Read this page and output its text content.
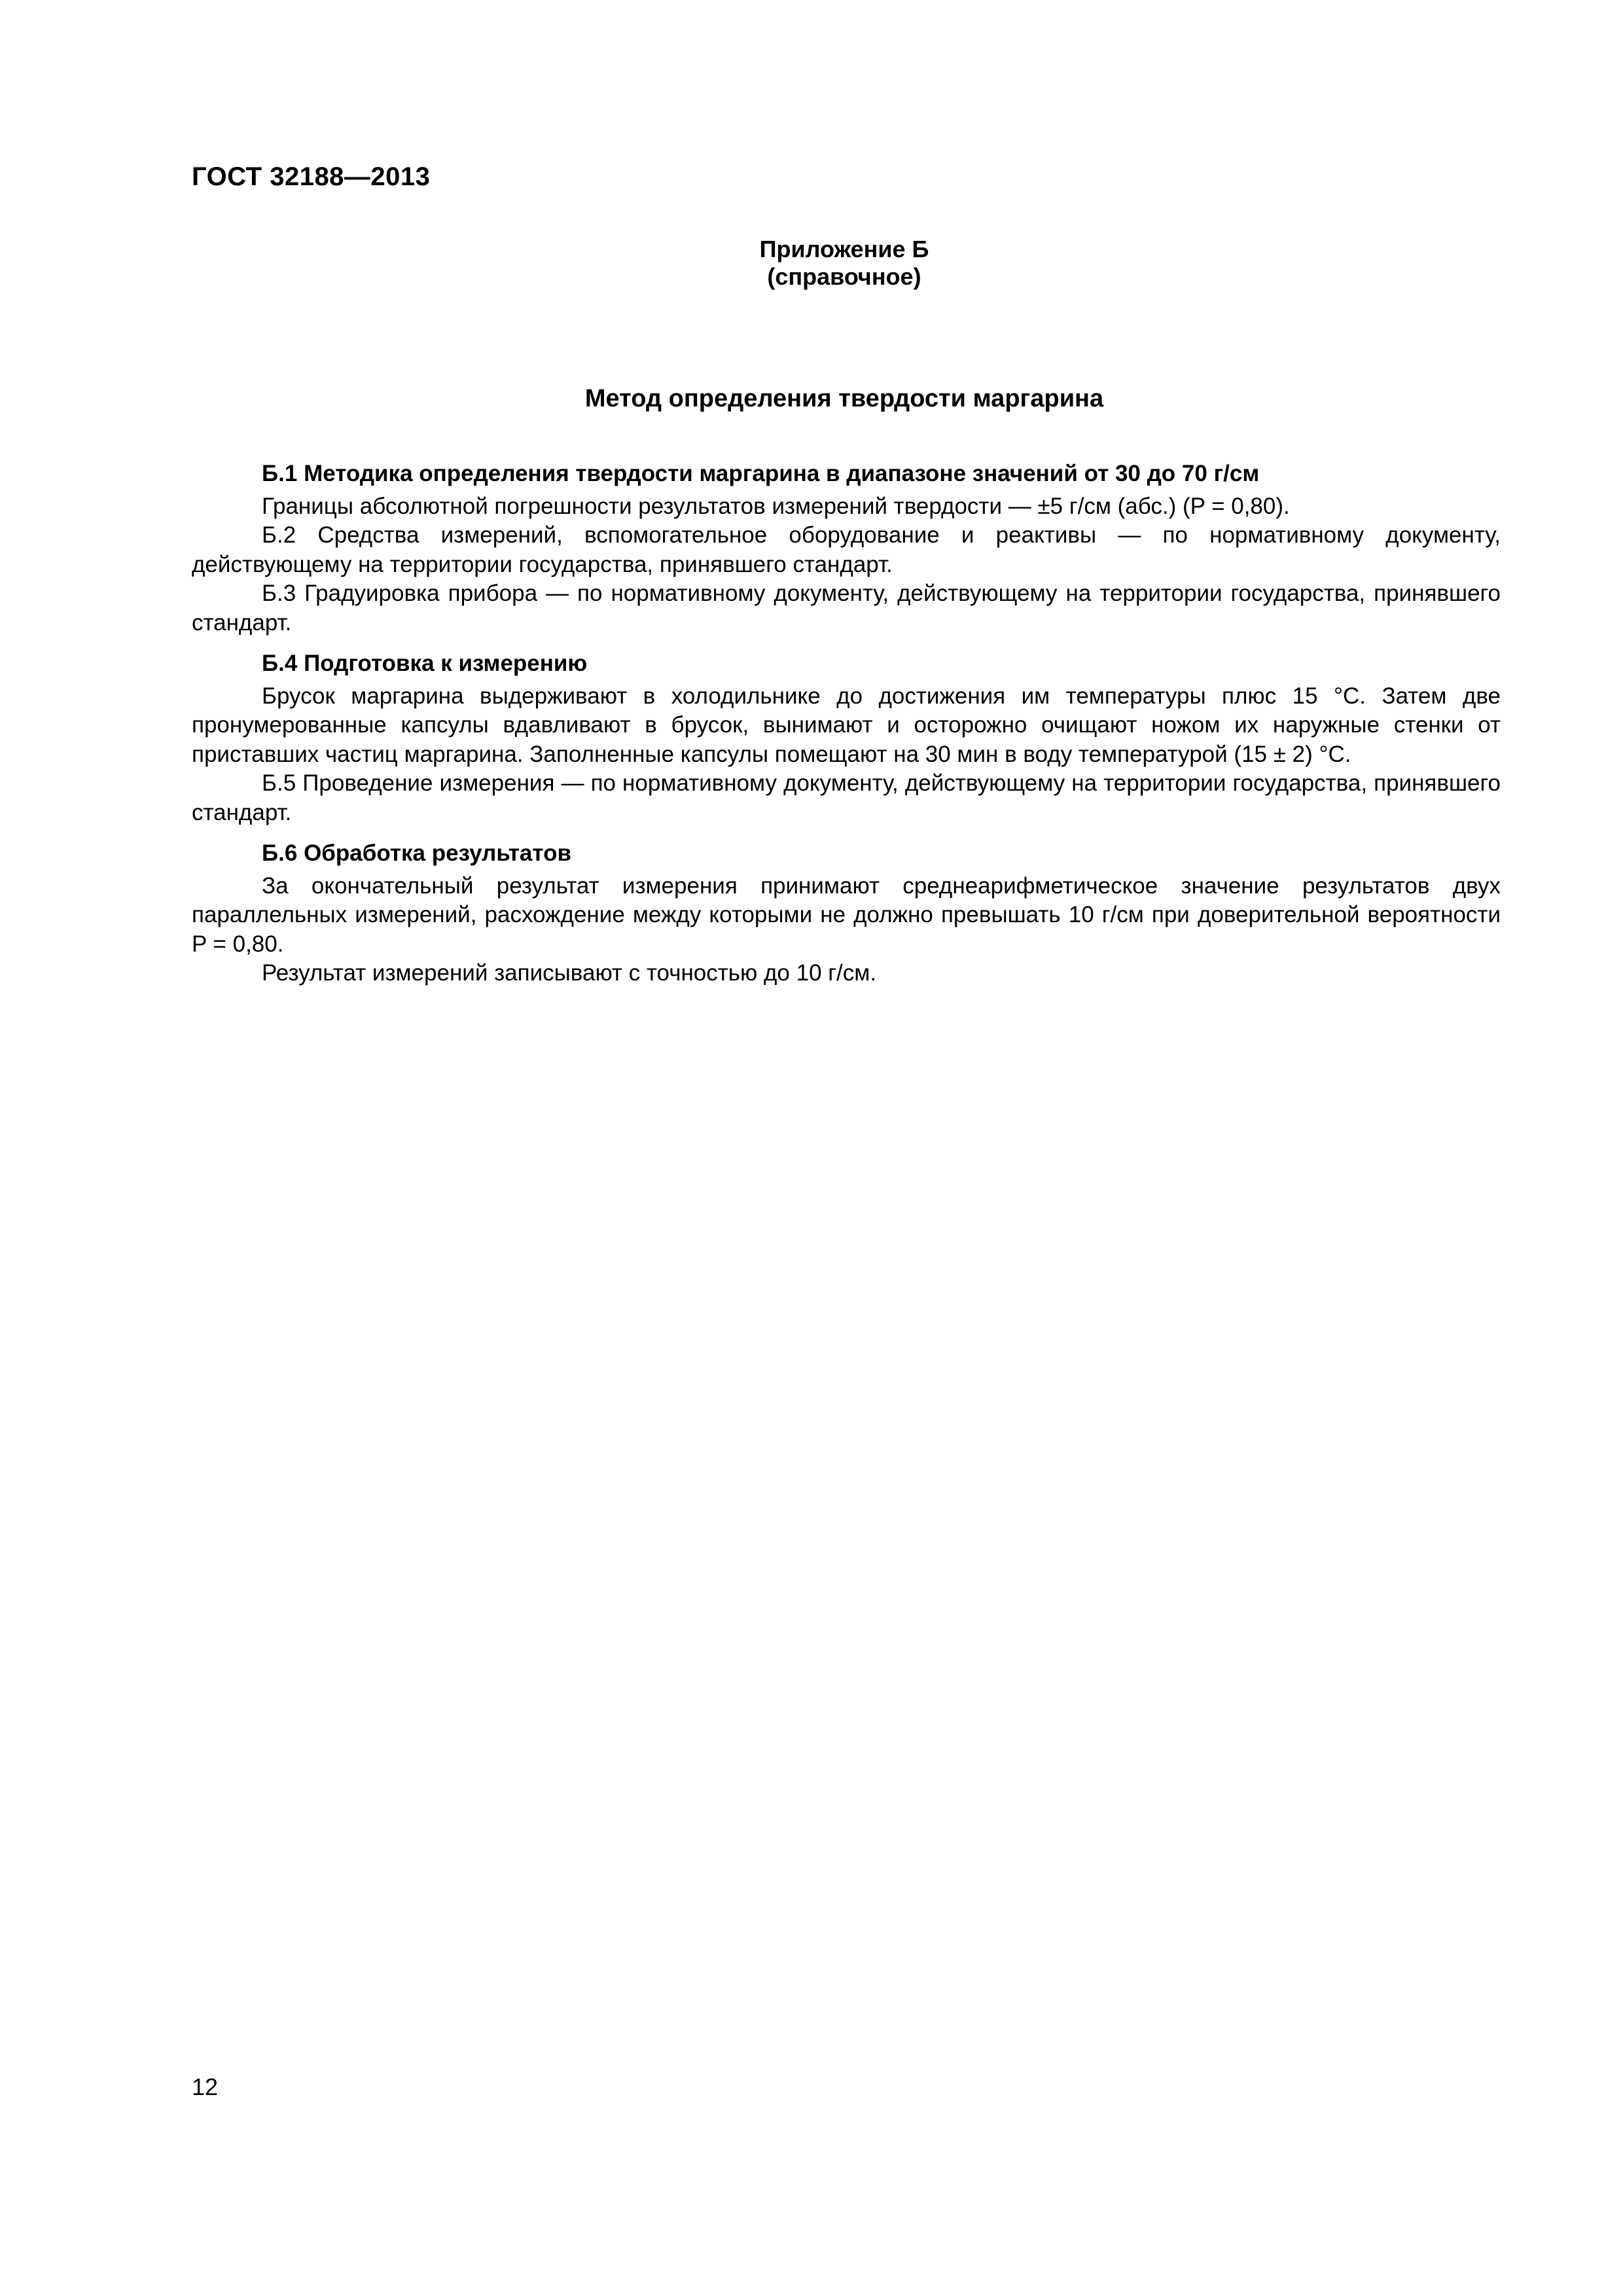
ГОСТ 32188—2013
Приложение Б
(справочное)
Метод определения твердости маргарина

Б.1 Методика определения твердости маргарина в диапазоне значений от 30 до 70 г/см

Границы абсолютной погрешности результатов измерений твердости — ±5 г/см (абс.) (P = 0,80).

Б.2 Средства измерений, вспомогательное оборудование и реактивы — по нормативному документу, действующему на территории государства, принявшего стандарт.

Б.3 Градуировка прибора — по нормативному документу, действующему на территории государства, принявшего стандарт.

Б.4 Подготовка к измерению

Брусок маргарина выдерживают в холодильнике до достижения им температуры плюс 15 °С. Затем две пронумерованные капсулы вдавливают в брусок, вынимают и осторожно очищают ножом их наружные стенки от приставших частиц маргарина. Заполненные капсулы помещают на 30 мин в воду температурой (15 ± 2) °С.

Б.5 Проведение измерения — по нормативному документу, действующему на территории государства, принявшего стандарт.

Б.6 Обработка результатов

За окончательный результат измерения принимают среднеарифметическое значение результатов двух параллельных измерений, расхождение между которыми не должно превышать 10 г/см при доверительной вероятности P = 0,80.

Результат измерений записывают с точностью до 10 г/см.

12
